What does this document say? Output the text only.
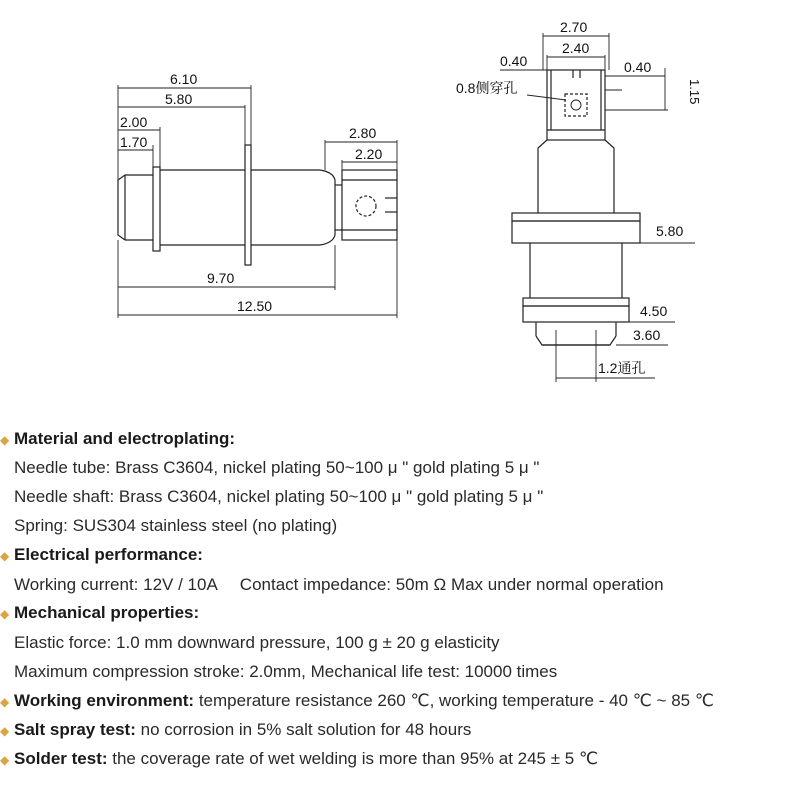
6.10
5.80
2.00
1.70
2.80
2.20
9.70
12.50
2.70
2.40
0.40	0.40
0.8侧穿孔
5.80
4.50
3.60
1.2通孔
1.15
◆ Material and electroplating:
Needle tube: Brass C3604, nickel plating 50~100 μ " gold plating 5 μ "
Needle shaft: Brass C3604, nickel plating 50~100 μ " gold plating 5 μ "
Spring: SUS304 stainless steel (no plating)
◆ Electrical performance:
Working current: 12V / 10A Contact impedance: 50m Ω Max under normal operation
◆ Mechanical properties:
Elastic force: 1.0 mm downward pressure, 100 g ± 20 g elasticity
Maximum compression stroke: 2.0mm, Mechanical life test: 10000 times
◆ Working environment: temperature resistance 260 ℃, working temperature - 40 ℃ ~ 85 ℃
◆ Salt spray test: no corrosion in 5% salt solution for 48 hours
◆ Solder test: the coverage rate of wet welding is more than 95% at 245 ± 5 ℃
